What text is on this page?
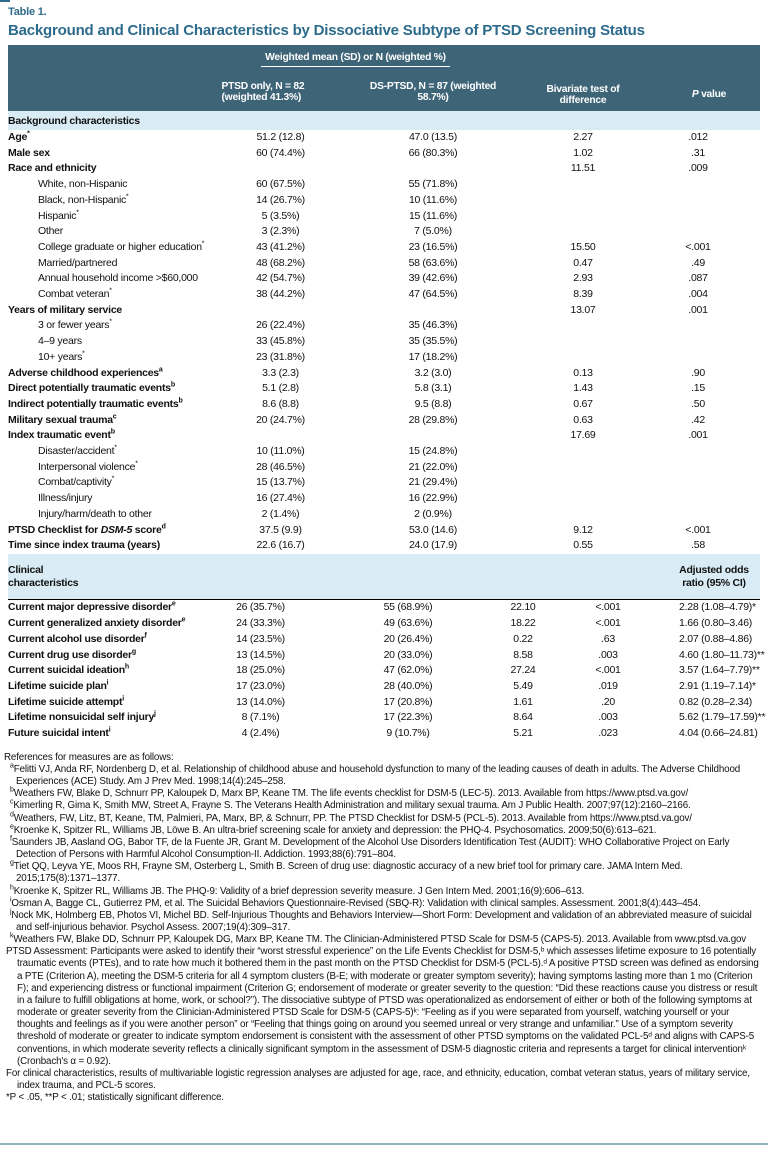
Table 1.
Background and Clinical Characteristics by Dissociative Subtype of PTSD Screening Status

	Weighted mean (SD) or N (weighted %)			

	PTSD only, N = 82 (weighted 41.3%)	DS-PTSD, N = 87 (weighted 58.7%)	Bivariate test of difference	P value
Background characteristics				
Age*	51.2 (12.8)	47.0 (13.5)	2.27	.012
Male sex	60 (74.4%)	66 (80.3%)	1.02	.31
Race and ethnicity			11.51	.009
White, non-Hispanic	60 (67.5%)	55 (71.8%)		
Black, non-Hispanic*	14 (26.7%)	10 (11.6%)		
Hispanic*	5 (3.5%)	15 (11.6%)		
Other	3 (2.3%)	7 (5.0%)		
College graduate or higher education*	43 (41.2%)	23 (16.5%)	15.50	<.001
Married/partnered	48 (68.2%)	58 (63.6%)	0.47	.49
Annual household income >$60,000	42 (54.7%)	39 (42.6%)	2.93	.087
Combat veteran*	38 (44.2%)	47 (64.5%)	8.39	.004
Years of military service			13.07	.001
3 or fewer years*	26 (22.4%)	35 (46.3%)		
4–9 years	33 (45.8%)	35 (35.5%)		
10+ years*	23 (31.8%)	17 (18.2%)		
Adverse childhood experiences$^a$	3.3 (2.3)	3.2 (3.0)	0.13	.90
Direct potentially traumatic events$^b$	5.1 (2.8)	5.8 (3.1)	1.43	.15
Indirect potentially traumatic events$^b$	8.6 (8.8)	9.5 (8.8)	0.67	.50
Military sexual trauma$^c$	20 (24.7%)	28 (29.8%)	0.63	.42
Index traumatic event$^b$			17.69	.001
Disaster/accident*	10 (11.0%)	15 (24.8%)		
Interpersonal violence*	28 (46.5%)	21 (22.0%)		
Combat/captivity*	15 (13.7%)	21 (29.4%)		
Illness/injury	16 (27.4%)	16 (22.9%)		
Injury/harm/death to other	2 (1.4%)	2 (0.9%)		
PTSD Checklist for DSM-5 score$^d$	37.5 (9.9)	53.0 (14.6)	9.12	<.001
Time since index trauma (years)	22.6 (16.7)	24.0 (17.9)	0.55	.58
Clinical characteristics					Adjusted odds ratio (95% CI)

Current major depressive disorder$^e$	26 (35.7%)	55 (68.9%)	22.10	<.001	2.28 (1.08–4.79)*
Current generalized anxiety disorder$^e$	24 (33.3%)	49 (63.6%)	18.22	<.001	1.66 (0.80–3.46)
Current alcohol use disorder$^f$	14 (23.5%)	20 (26.4%)	0.22	.63	2.07 (0.88–4.86)
Current drug use disorder$^g$	13 (14.5%)	20 (33.0%)	8.58	.003	4.60 (1.80–11.73)**
Current suicidal ideation$^h$	18 (25.0%)	47 (62.0%)	27.24	<.001	3.57 (1.64–7.79)**
Lifetime suicide plan$^i$	17 (23.0%)	28 (40.0%)	5.49	.019	2.91 (1.19–7.14)*
Lifetime suicide attempt$^i$	13 (14.0%)	17 (20.8%)	1.61	.20	0.82 (0.28–2.34)
Lifetime nonsuicidal self injury$^j$	8 (7.1%)	17 (22.3%)	8.64	.003	5.62 (1.79–17.59)**
Future suicidal intent$^i$	4 (2.4%)	9 (10.7%)	5.21	.023	4.04 (0.66–24.81)
References for measures are as follows:
$^a$Felitti VJ, Anda RF, Nordenberg D, et al. Relationship of childhood abuse and household dysfunction to many of the leading causes of death in adults. The Adverse Childhood Experiences (ACE) Study. Am J Prev Med. 1998;14(4):245–258.
$^b$Weathers FW, Blake D, Schnurr PP, Kaloupek D, Marx BP, Keane TM. The life events checklist for DSM-5 (LEC-5). 2013. Available from https://www.ptsd.va.gov/
$^c$Kimerling R, Gima K, Smith MW, Street A, Frayne S. The Veterans Health Administration and military sexual trauma. Am J Public Health. 2007;97(12):2160–2166.
$^d$Weathers, FW, Litz, BT, Keane, TM, Palmieri, PA, Marx, BP, & Schnurr, PP. The PTSD Checklist for DSM-5 (PCL-5). 2013. Available from https://www.ptsd.va.gov/
$^e$Kroenke K, Spitzer RL, Williams JB, Löwe B. An ultra-brief screening scale for anxiety and depression: the PHQ-4. Psychosomatics. 2009;50(6):613–621.
$^f$Saunders JB, Aasland OG, Babor TF, de la Fuente JR, Grant M. Development of the Alcohol Use Disorders Identification Test (AUDIT): WHO Collaborative Project on Early Detection of Persons with Harmful Alcohol Consumption-II. Addiction. 1993;88(6):791–804.
$^g$Tiet QQ, Leyva YE, Moos RH, Frayne SM, Osterberg L, Smith B. Screen of drug use: diagnostic accuracy of a new brief tool for primary care. JAMA Intern Med. 2015;175(8):1371–1377.
$^h$Kroenke K, Spitzer RL, Williams JB. The PHQ-9: Validity of a brief depression severity measure. J Gen Intern Med. 2001;16(9):606–613.
$^i$Osman A, Bagge CL, Gutierrez PM, et al. The Suicidal Behaviors Questionnaire-Revised (SBQ-R): Validation with clinical samples. Assessment. 2001;8(4):443–454.
$^j$Nock MK, Holmberg EB, Photos VI, Michel BD. Self-Injurious Thoughts and Behaviors Interview—Short Form: Development and validation of an abbreviated measure of suicidal and self-injurious behavior. Psychol Assess. 2007;19(4):309–317.
$^k$Weathers FW, Blake DD, Schnurr PP, Kaloupek DG, Marx BP, Keane TM. The Clinician-Administered PTSD Scale for DSM-5 (CAPS-5). 2013. Available from www.ptsd.va.gov
PTSD Assessment: Participants were asked to identify their “worst stressful experience” on the Life Events Checklist for DSM-5,ᵇ which assesses lifetime exposure to 16 potentially traumatic events (PTEs), and to rate how much it bothered them in the past month on the PTSD Checklist for DSM-5 (PCL-5).ᵈ A positive PTSD screen was defined as endorsing a PTE (Criterion A), meeting the DSM-5 criteria for all 4 symptom clusters (B-E; with moderate or greater symptom severity); having symptoms lasting more than 1 mo (Criterion F); and experiencing distress or functional impairment (Criterion G; endorsement of moderate or greater severity to the question: “Did these reactions cause you distress or result in a failure to fulfill obligations at home, work, or school?”). The dissociative subtype of PTSD was operationalized as endorsement of either or both of the following symptoms at moderate or greater severity from the Clinician-Administered PTSD Scale for DSM-5 (CAPS-5)ᵏ: “Feeling as if you were separated from yourself, watching yourself or your thoughts and feelings as if you were another person” or “Feeling that things going on around you seemed unreal or very strange and unfamiliar.” Use of a symptom severity threshold of moderate or greater to indicate symptom endorsement is consistent with the assessment of other PTSD symptoms on the validated PCL-5ᵈ and aligns with CAPS-5 conventions, in which moderate severity reflects a clinically significant symptom in the assessment of DSM-5 diagnostic criteria and represents a target for clinical interventionᵏ (Cronbach's α = 0.92).
For clinical characteristics, results of multivariable logistic regression analyses are adjusted for age, race, and ethnicity, education, combat veteran status, years of military service, index trauma, and PCL-5 scores.
*P < .05, **P < .01; statistically significant difference.
